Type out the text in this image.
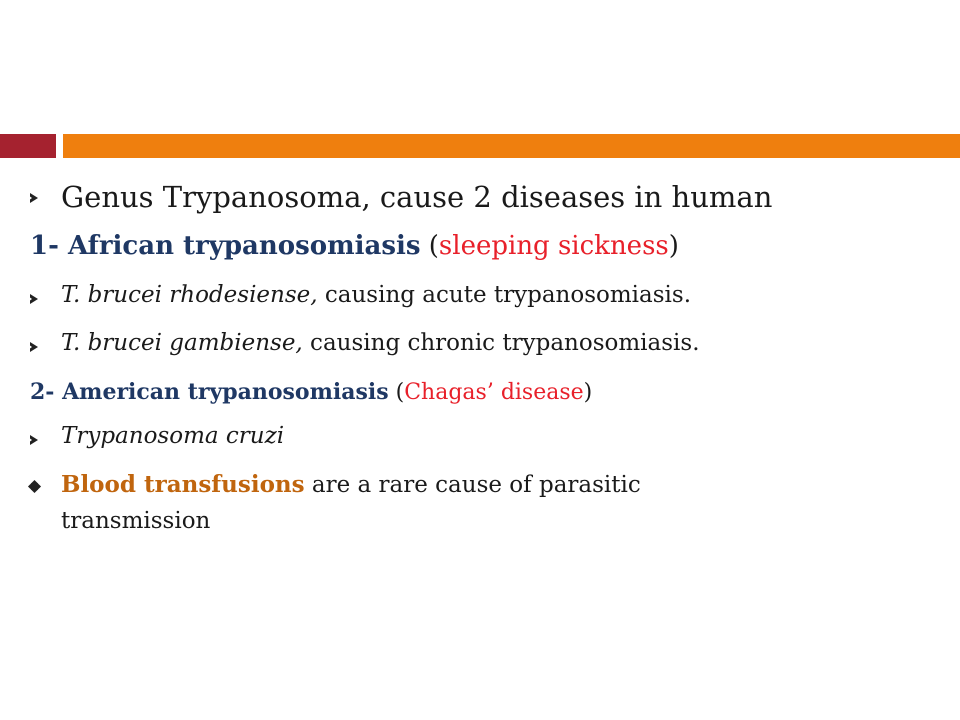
Genus Trypanosoma, cause 2 diseases in human
1- African trypanosomiasis (sleeping sickness)
T. brucei rhodesiense, causing acute trypanosomiasis.
T. brucei gambiense, causing chronic trypanosomiasis.
2- American trypanosomiasis (Chagas’ disease)
Trypanosoma cruzi
Blood transfusions are a rare cause of parasitic
transmission
